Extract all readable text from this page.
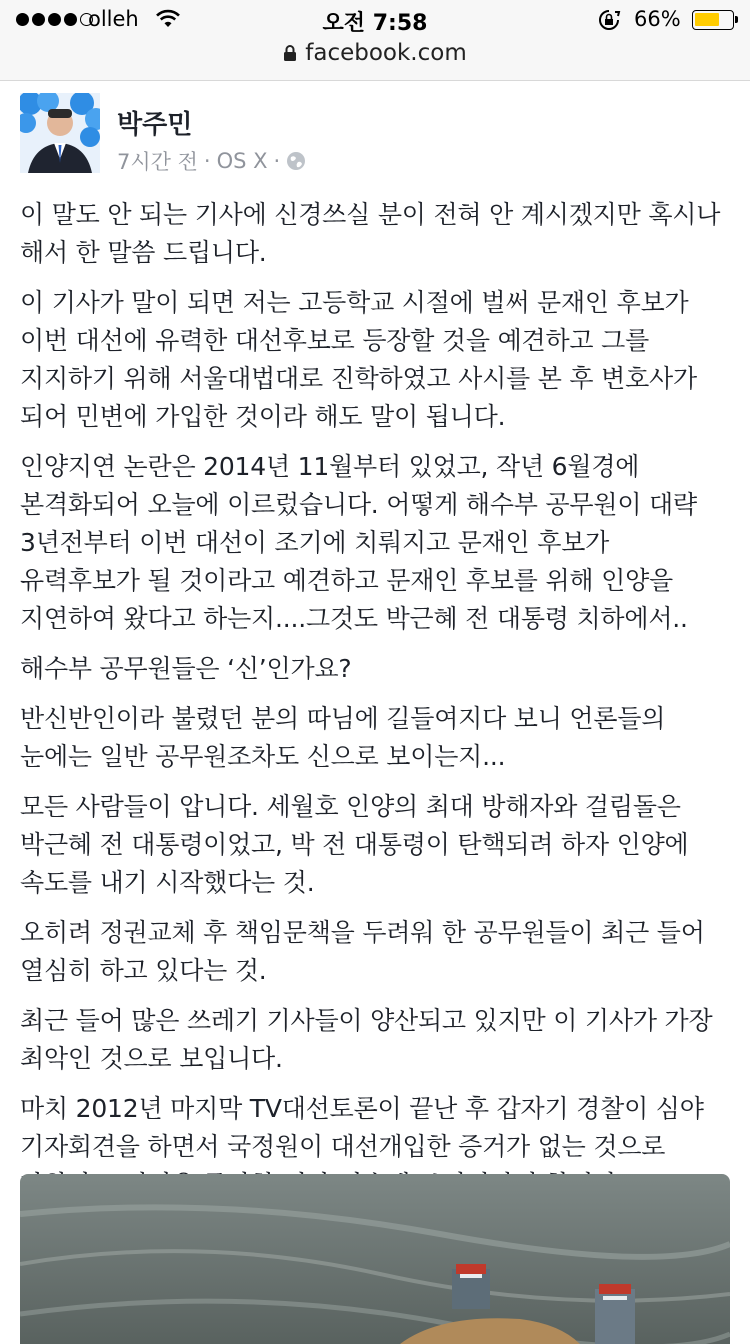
olleh	오전 7:58	66%
facebook.com
박주민
7시간 전 · OS X ·

이 말도 안 되는 기사에 신경쓰실 분이 전혀 안 계시겠지만 혹시나 해서 한 말씀 드립니다.

이 기사가 말이 되면 저는 고등학교 시절에 벌써 문재인 후보가 이번 대선에 유력한 대선후보로 등장할 것을 예견하고 그를 지지하기 위해 서울대법대로 진학하였고 사시를 본 후 변호사가 되어 민변에 가입한 것이라 해도 말이 됩니다.

인양지연 논란은 2014년 11월부터 있었고, 작년 6월경에 본격화되어 오늘에 이르렀습니다. 어떻게 해수부 공무원이 대략 3년전부터 이번 대선이 조기에 치뤄지고 문재인 후보가 유력후보가 될 것이라고 예견하고 문재인 후보를 위해 인양을 지연하여 왔다고 하는지....그것도 박근혜 전 대통령 치하에서..

해수부 공무원들은 ‘신’인가요?

반신반인이라 불렸던 분의 따님에 길들여지다 보니 언론들의 눈에는 일반 공무원조차도 신으로 보이는지...

모든 사람들이 압니다. 세월호 인양의 최대 방해자와 걸림돌은 박근혜 전 대통령이었고, 박 전 대통령이 탄핵되려 하자 인양에 속도를 내기 시작했다는 것.

오히려 정권교체 후 책임문책을 두려워 한 공무원들이 최근 들어 열심히 하고 있다는 것.

최근 들어 많은 쓰레기 기사들이 양산되고 있지만 이 기사가 가장 최악인 것으로 보입니다.

마치 2012년 마지막 TV대선토론이 끝난 후 갑자기 경찰이 심야 기자회견을 하면서 국정원이 대선개입한 증거가 없는 것으로
